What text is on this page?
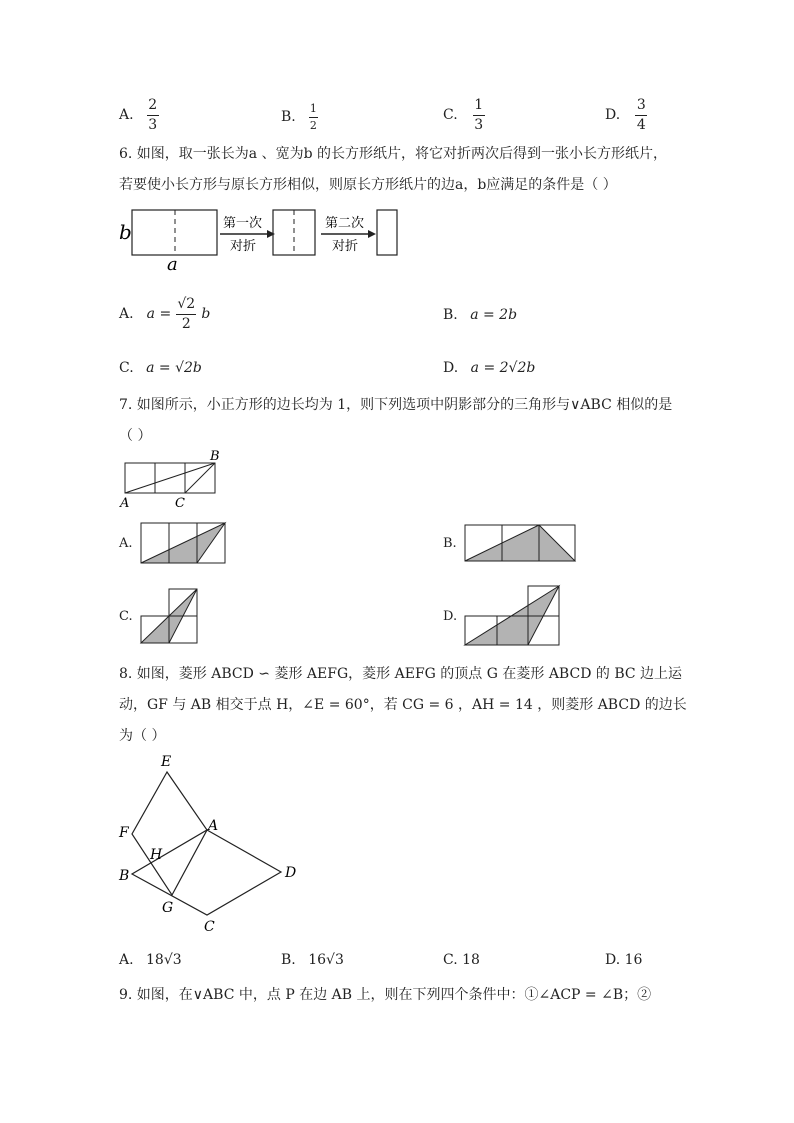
A. $\frac{2}{3}$	B. $\frac{1}{2}$	C. $\frac{1}{3}$	D. $\frac{3}{4}$
6. 如图，取一张长为a 、宽为b 的长方形纸片，将它对折两次后得到一张小长方形纸片，
若要使小长方形与原长方形相似，则原长方形纸片的边a，b应满足的条件是（ ）
b
a
第一次
对折
第二次
对折
A. $a = \frac{√2}{2}$ b	B. a = 2b
C. a = √2b	D. a = 2√2b
7. 如图所示，小正方形的边长均为 1，则下列选项中阴影部分的三角形与∨ABC 相似的是
（ ）
B
A	C
A.	B.
C.	D.
8. 如图，菱形 ABCD ∽ 菱形 AEFG，菱形 AEFG 的顶点 G 在菱形 ABCD 的 BC 边上运
动，GF 与 AB 相交于点 H，∠E = 60°，若 CG = 6 ，AH = 14 ，则菱形 ABCD 的边长
为（ ）
E
F	A
H
B	D
G
C
A. 18√3	B. 16√3	C. 18	D. 16
9. 如图，在∨ABC 中，点 P 在边 AB 上，则在下列四个条件中：①∠ACP = ∠B；②
